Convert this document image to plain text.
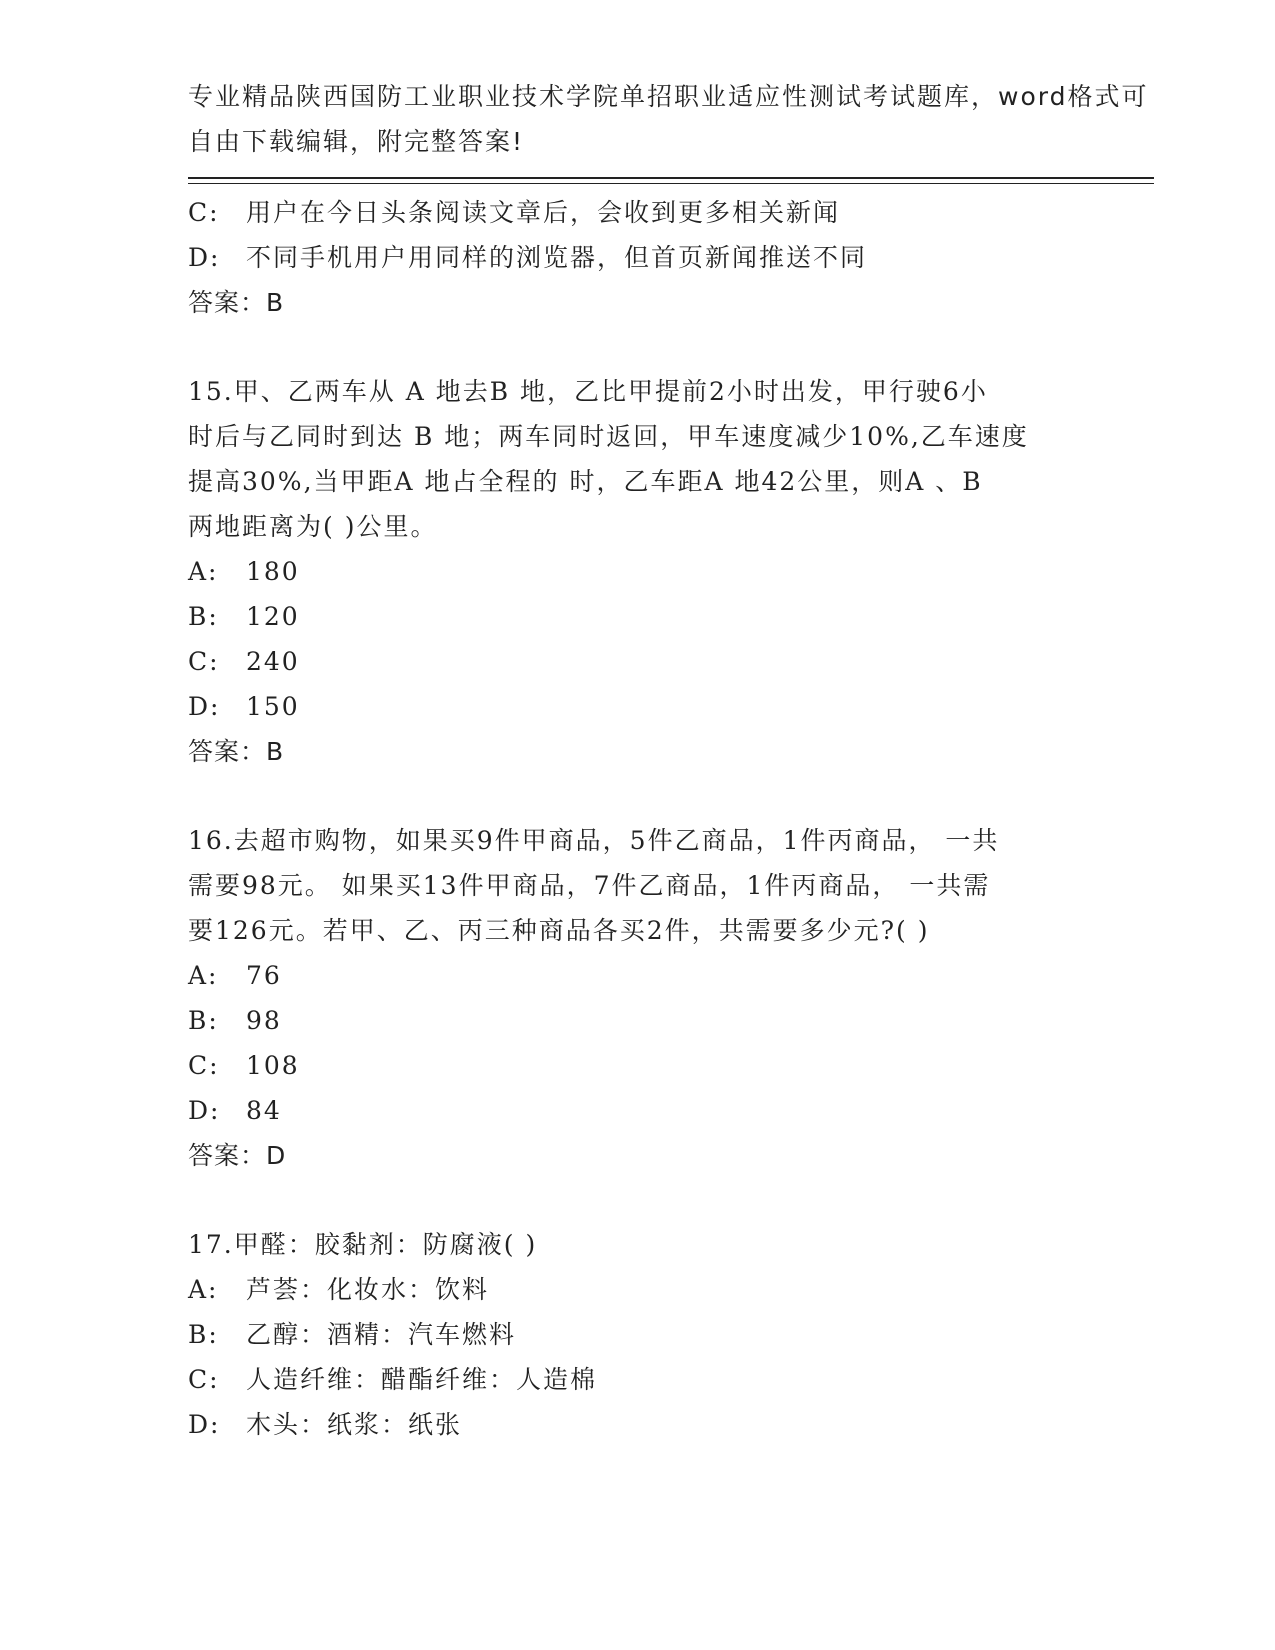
专业精品陕西国防工业职业技术学院单招职业适应性测试考试题库，word格式可
自由下载编辑，附完整答案!
C:	用户在今日头条阅读文章后，会收到更多相关新闻
D:	不同手机用户用同样的浏览器，但首页新闻推送不同
答案：B
15.甲、乙两车从 A 地去B 地，乙比甲提前2小时出发，甲行驶6小
时后与乙同时到达 B 地；两车同时返回，甲车速度减少10%,乙车速度
提高30%,当甲距A 地占全程的 时，乙车距A 地42公里，则A 、B
两地距离为( )公里。
A:	180
B:	120
C:	240
D:	150
答案：B
16.去超市购物，如果买9件甲商品，5件乙商品，1件丙商品， 一共
需要98元。 如果买13件甲商品，7件乙商品，1件丙商品， 一共需
要126元。若甲、乙、丙三种商品各买2件，共需要多少元?( )
A:	76
B:	98
C:	108
D:	84
答案：D
17.甲醛：胶黏剂：防腐液( )
A:	芦荟：化妆水：饮料
B:	乙醇：酒精：汽车燃料
C:	人造纤维：醋酯纤维：人造棉
D:	木头：纸浆：纸张
